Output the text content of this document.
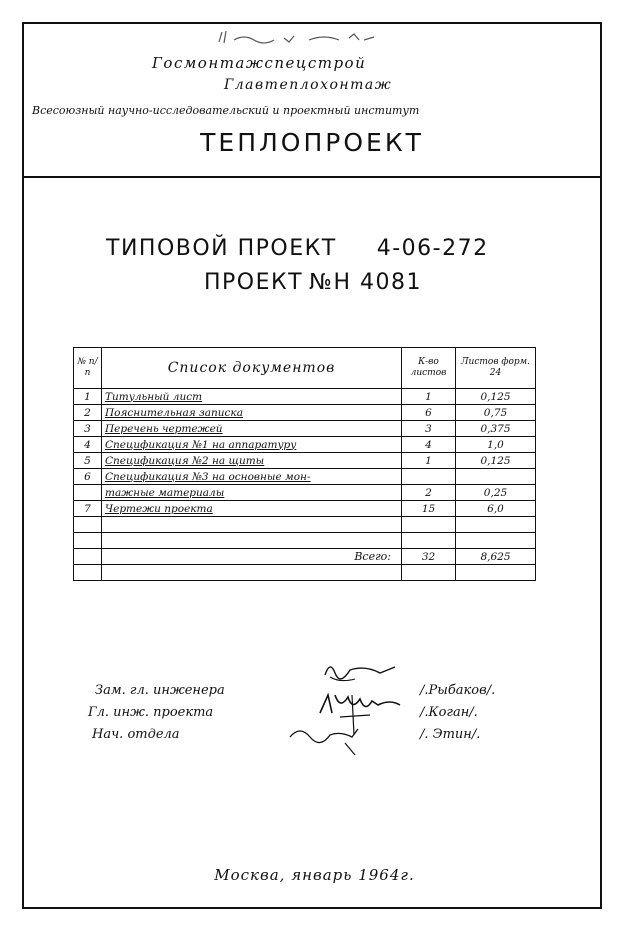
Госмонтажспецстрой
Главтеплохонтаж
Всесоюзный научно-исследовательский и проектный институт
ТЕПЛОПРОЕКТ
ТИПОВОЙ ПРОЕКТ 4-06-272
ПРОЕКТ №Н 4081
№ п/п	Список документов	К-во листов	Листов форм. 24
1	Титульный лист	1	0,125
2	Пояснительная записка	6	0,75
3	Перечень чертежей	3	0,375
4	Спецификация №1 на аппаратуру	4	1,0
5	Спецификация №2 на щиты	1	0,125
6	Спецификация №3 на основные мон-		
	тажные материалы	2	0,25
7	Чертежи проекта	15	6,0

	Всего:	32	8,625

Зам. гл. инженера
Гл. инж. проекта
Нач. отдела
/.Рыбаков/.
/.Коган/.
/. Этин/.
Москва, январь 1964г.
